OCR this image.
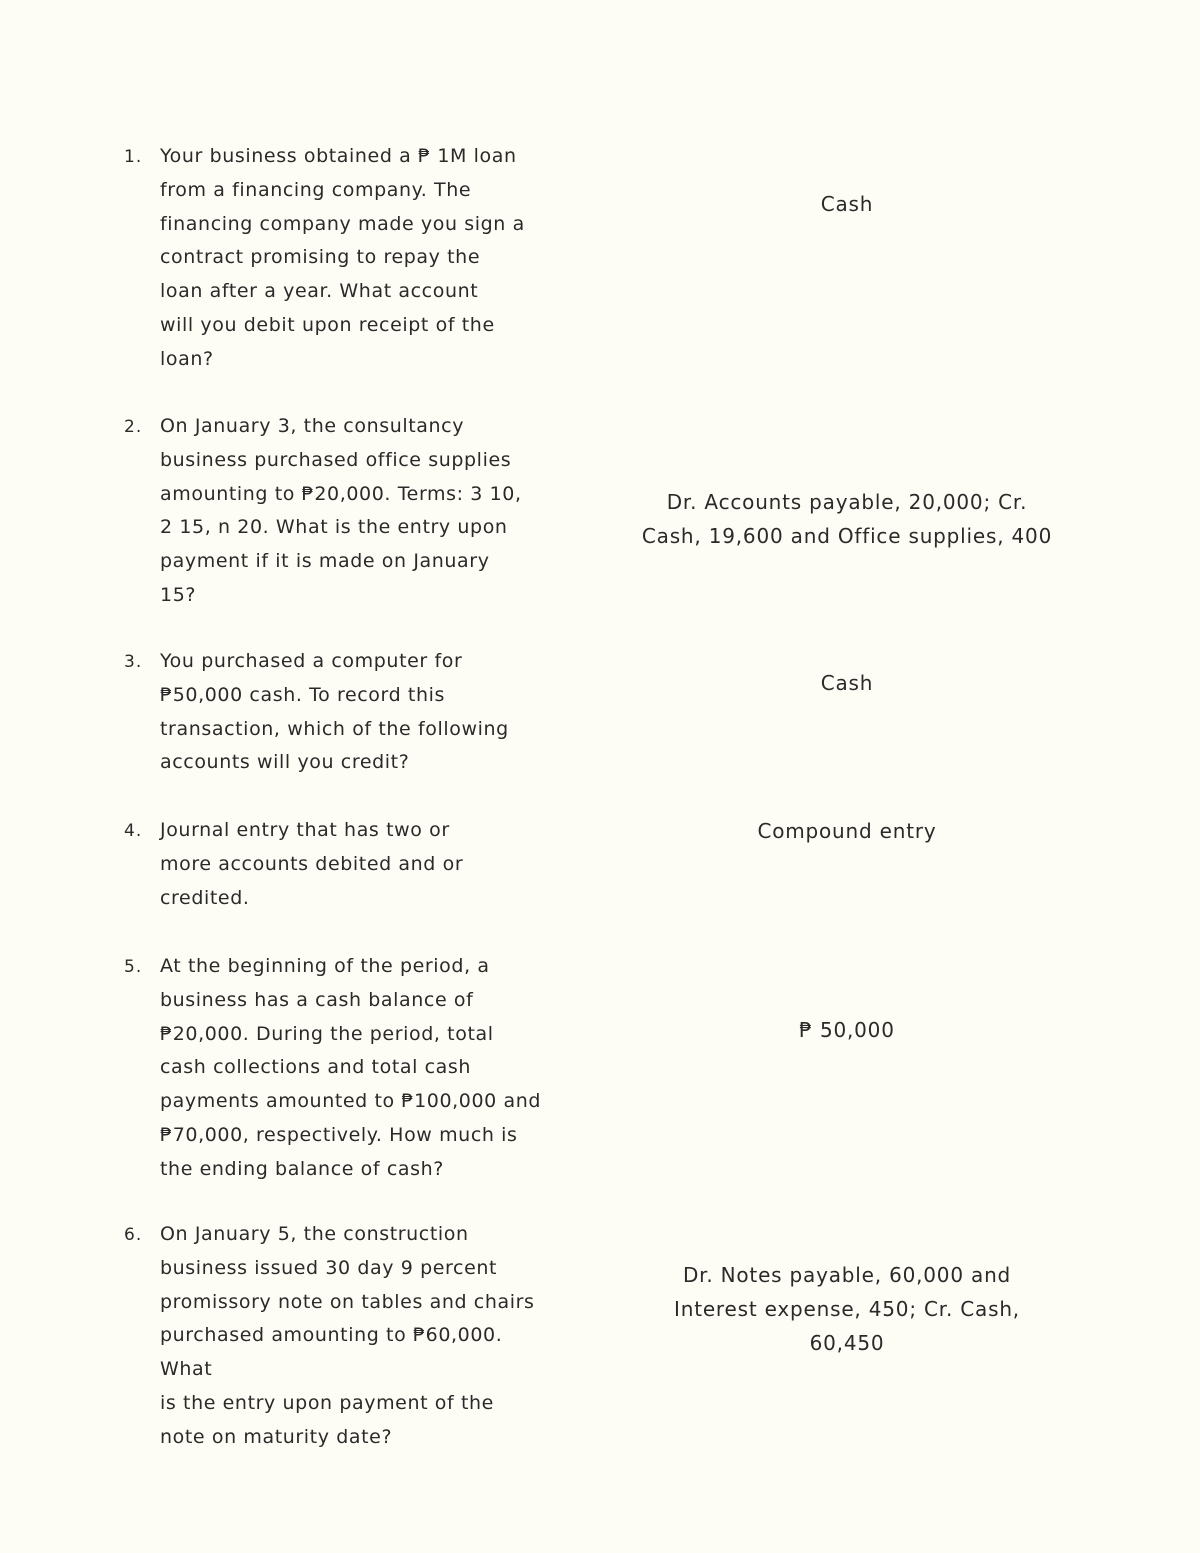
1. Your business obtained a ₱ 1M loan
from a financing company. The
financing company made you sign a
contract promising to repay the
loan after a year. What account
will you debit upon receipt of the
loan?
Cash
2. On January 3, the consultancy
business purchased office supplies
amounting to ₱20,000. Terms: 3 10,
2 15, n 20. What is the entry upon
payment if it is made on January
15?
Dr. Accounts payable, 20,000; Cr.
Cash, 19,600 and Office supplies, 400
3. You purchased a computer for
₱50,000 cash. To record this
transaction, which of the following
accounts will you credit?
Cash
4. Journal entry that has two or
more accounts debited and or
credited.
Compound entry
5. At the beginning of the period, a
business has a cash balance of
₱20,000. During the period, total
cash collections and total cash
payments amounted to ₱100,000 and
₱70,000, respectively. How much is
the ending balance of cash?
₱ 50,000
6. On January 5, the construction
business issued 30 day 9 percent
promissory note on tables and chairs
purchased amounting to ₱60,000. What
is the entry upon payment of the
note on maturity date?
Dr. Notes payable, 60,000 and
Interest expense, 450; Cr. Cash,
60,450
